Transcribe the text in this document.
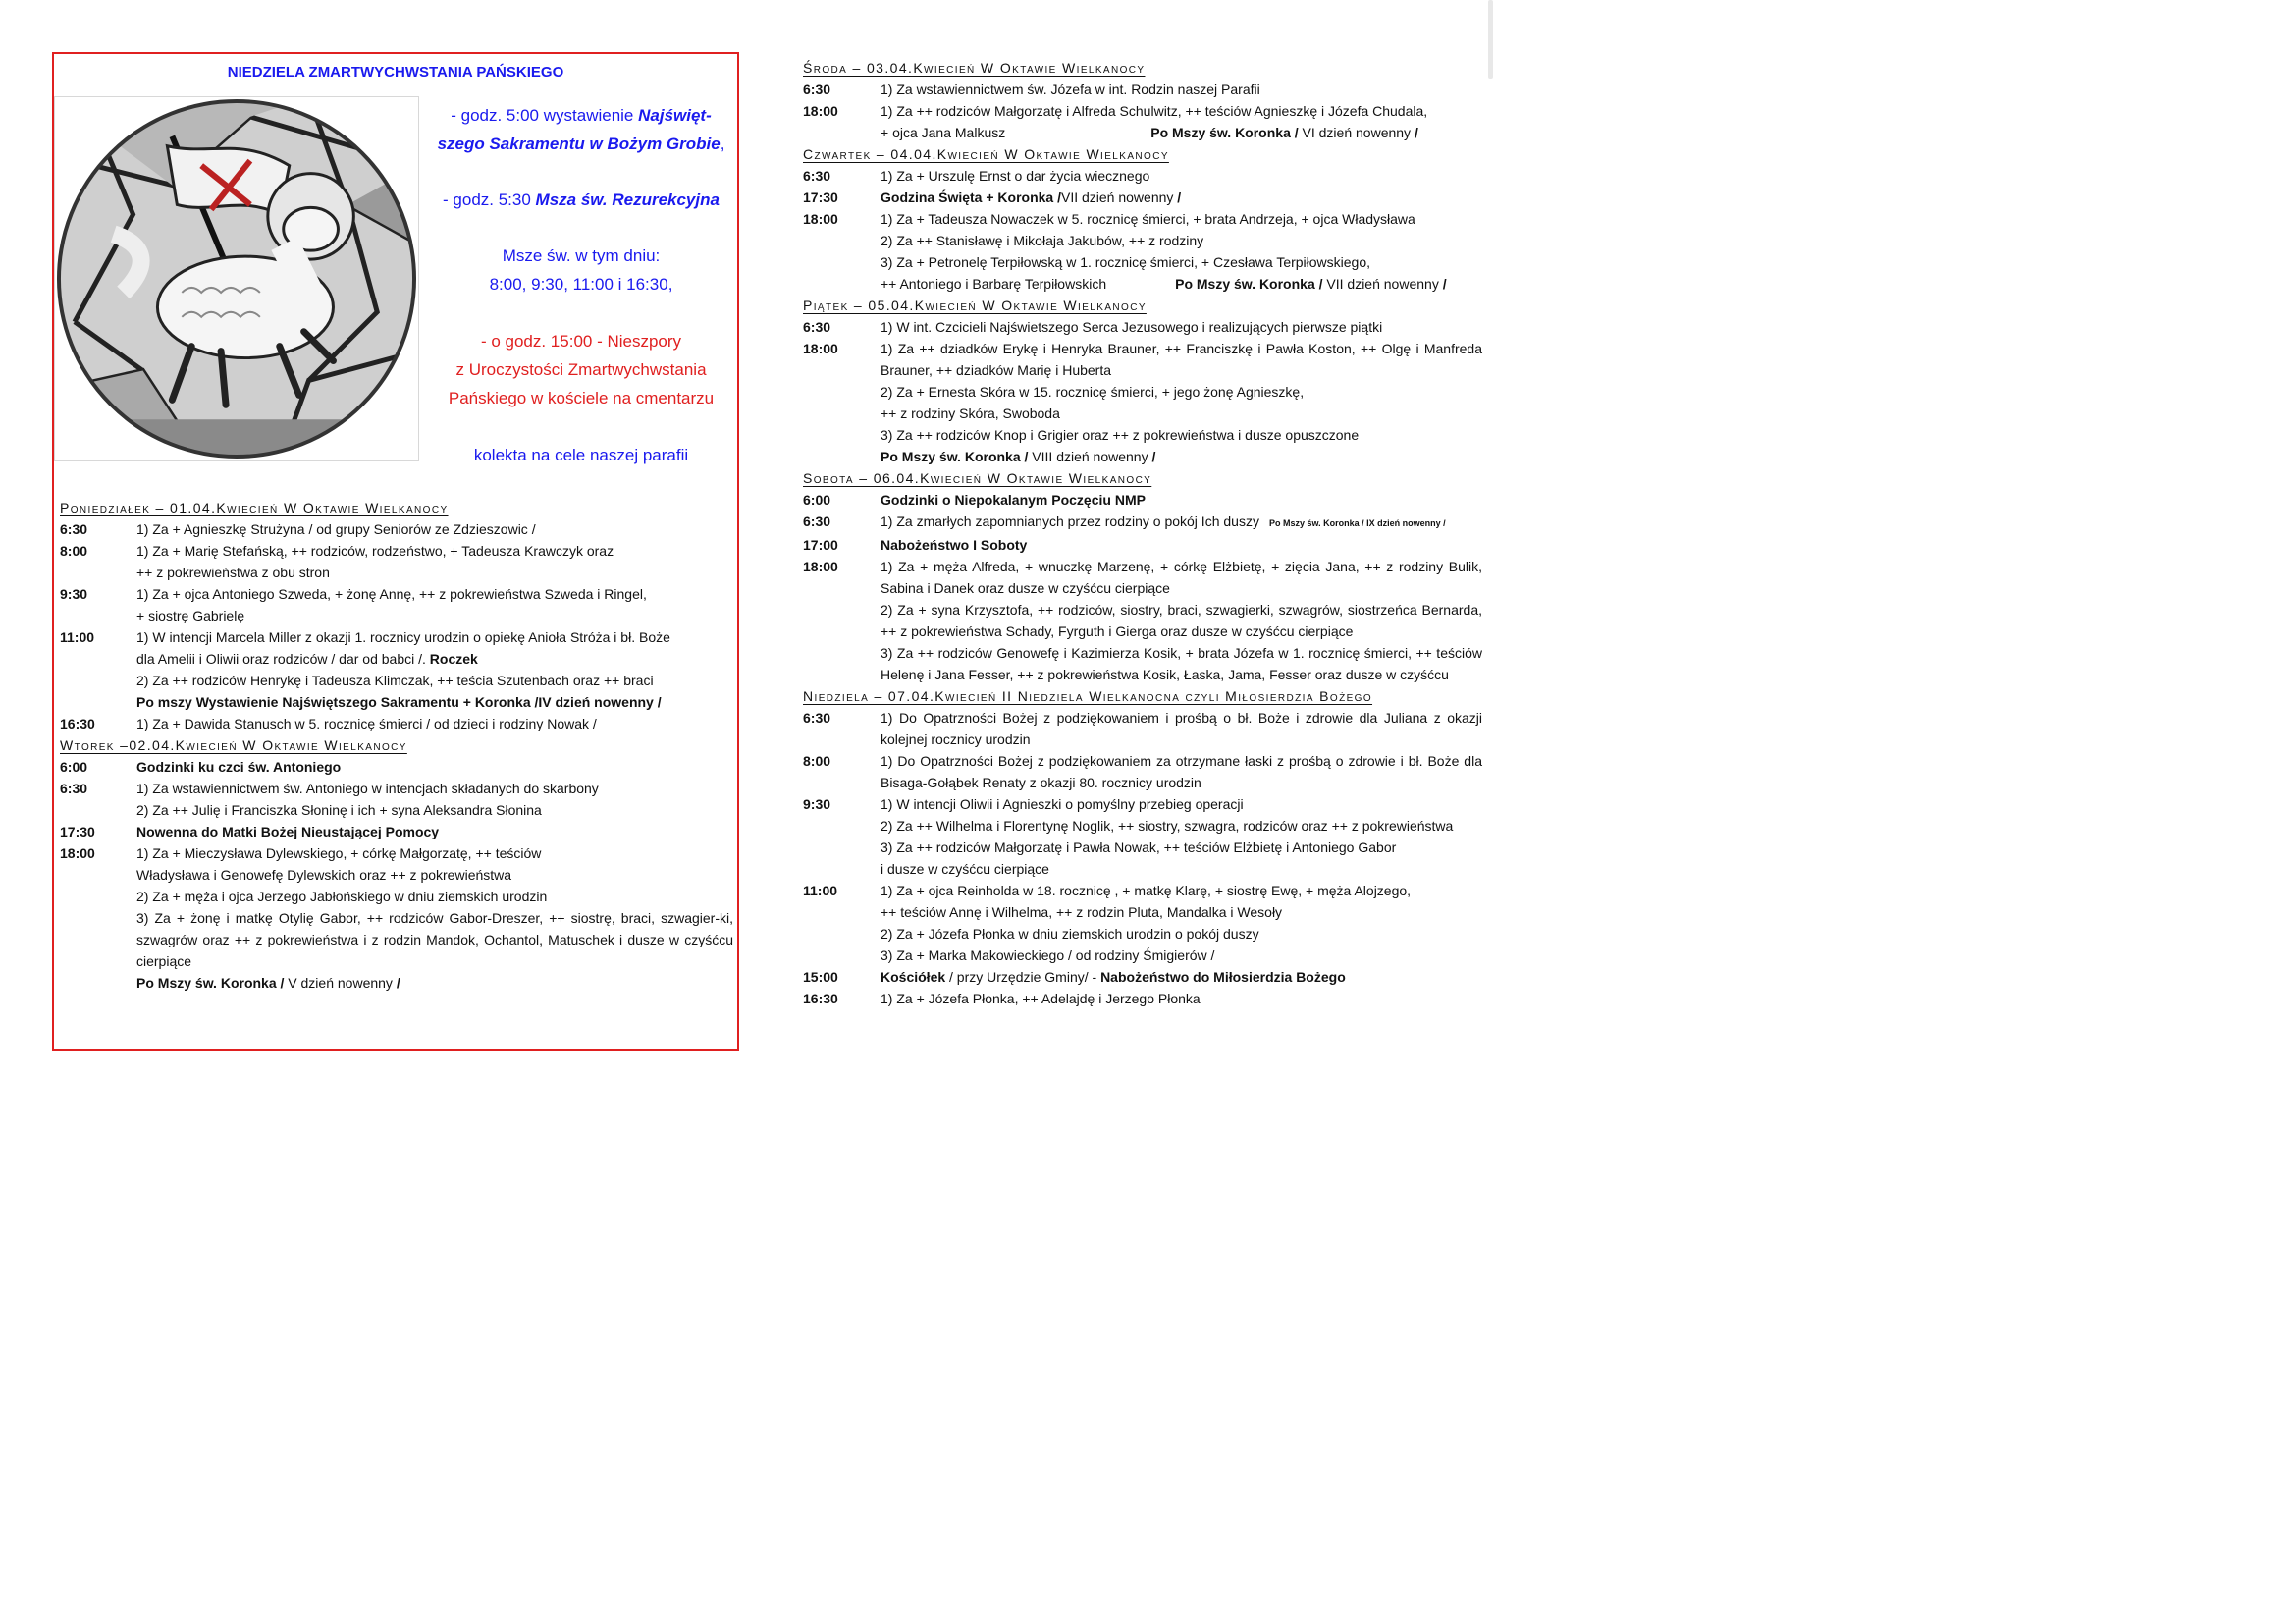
NIEDZIELA ZMARTWYCHWSTANIA PAŃSKIEGO

- godz. 5:00 wystawienie Najświęt-

szego Sakramentu w Bożym Grobie,

- godz. 5:30 Msza św. Rezurekcyjna

Msze św. w tym dniu:

8:00, 9:30, 11:00 i 16:30,

- o godz. 15:00 - Nieszpory

z Uroczystości Zmartwychwstania

Pańskiego w kościele na cmentarzu

kolekta na cele naszej parafii

Poniedziałek – 01.04.Kwiecień W Oktawie Wielkanocy
6:30	1) Za + Agnieszkę Strużyna / od grupy Seniorów ze Zdzieszowic /

8:00	1) Za + Marię Stefańską, ++ rodziców, rodzeństwo, + Tadeusza Krawczyk oraz

++ z pokrewieństwa z obu stron

9:30	1) Za + ojca Antoniego Szweda, + żonę Annę, ++ z pokrewieństwa Szweda i Ringel,

+ siostrę Gabrielę

11:00	1) W intencji Marcela Miller z okazji 1. rocznicy urodzin o opiekę Anioła Stróża i bł. Boże

dla Amelii i Oliwii oraz rodziców / dar od babci /. Roczek

2) Za ++ rodziców Henrykę i Tadeusza Klimczak, ++ teścia Szutenbach oraz ++ braci

Po mszy Wystawienie Najświętszego Sakramentu + Koronka /IV dzień nowenny /

16:30	1) Za + Dawida Stanusch w 5. rocznicę śmierci / od dzieci i rodziny Nowak /

Wtorek –02.04.Kwiecień W Oktawie Wielkanocy
6:00	Godzinki ku czci św. Antoniego

6:30	1) Za wstawiennictwem św. Antoniego w intencjach składanych do skarbony

2) Za ++ Julię i Franciszka Słoninę i ich + syna Aleksandra Słonina

17:30	Nowenna do Matki Bożej Nieustającej Pomocy

18:00	1) Za + Mieczysława Dylewskiego, + córkę Małgorzatę, ++ teściów

Władysława i Genowefę Dylewskich oraz ++ z pokrewieństwa

2) Za + męża i ojca Jerzego Jabłońskiego w dniu ziemskich urodzin

3) Za + żonę i matkę Otylię Gabor, ++ rodziców Gabor-Dreszer, ++ siostrę, braci, szwagier-ki, szwagrów oraz ++ z pokrewieństwa i z rodzin Mandok, Ochantol, Matuschek i dusze w czyśćcu cierpiące

Po Mszy św. Koronka / V dzień nowenny /

Środa – 03.04.Kwiecień W Oktawie Wielkanocy
6:30	1) Za wstawiennictwem św. Józefa w int. Rodzin naszej Parafii

18:00	1) Za ++ rodziców Małgorzatę i Alfreda Schulwitz, ++ teściów Agnieszkę i Józefa Chudala,

+ ojca Jana Malkusz	Po Mszy św. Koronka / VI dzień nowenny /

Czwartek – 04.04.Kwiecień W Oktawie Wielkanocy
6:30	1) Za + Urszulę Ernst o dar życia wiecznego

17:30	Godzina Święta + Koronka /VII dzień nowenny /

18:00	1) Za + Tadeusza Nowaczek w 5. rocznicę śmierci, + brata Andrzeja, + ojca Władysława

2) Za ++ Stanisławę i Mikołaja Jakubów, ++ z rodziny

3) Za + Petronelę Terpiłowską w 1. rocznicę śmierci, + Czesława Terpiłowskiego,

++ Antoniego i Barbarę Terpiłowskich	Po Mszy św. Koronka / VII dzień nowenny /

Piątek – 05.04.Kwiecień W Oktawie Wielkanocy
6:30	1) W int. Czcicieli Najświetszego Serca Jezusowego i realizujących pierwsze piątki

18:00	1) Za ++ dziadków Erykę i Henryka Brauner, ++ Franciszkę i Pawła Koston, ++ Olgę i Manfreda Brauner, ++ dziadków Marię i Huberta

2) Za + Ernesta Skóra w 15. rocznicę śmierci, + jego żonę Agnieszkę,

++ z rodziny Skóra, Swoboda

3) Za ++ rodziców Knop i Grigier oraz ++ z pokrewieństwa i dusze opuszczone

Po Mszy św. Koronka / VIII dzień nowenny /

Sobota – 06.04.Kwiecień W Oktawie Wielkanocy
6:00	Godzinki o Niepokalanym Poczęciu NMP

6:30	1) Za zmarłych zapomnianych przez rodziny o pokój Ich duszy Po Mszy św. Koronka / IX dzień nowenny /

17:00	Nabożeństwo I Soboty

18:00	1) Za + męża Alfreda, + wnuczkę Marzenę, + córkę Elżbietę, + zięcia Jana, ++ z rodziny Bulik, Sabina i Danek oraz dusze w czyśćcu cierpiące

2) Za + syna Krzysztofa, ++ rodziców, siostry, braci, szwagierki, szwagrów, siostrzeńca Bernarda, ++ z pokrewieństwa Schady, Fyrguth i Gierga oraz dusze w czyśćcu cierpiące

3) Za ++ rodziców Genowefę i Kazimierza Kosik, + brata Józefa w 1. rocznicę śmierci, ++ teściów Helenę i Jana Fesser, ++ z pokrewieństwa Kosik, Łaska, Jama, Fesser oraz dusze w czyśćcu

Niedziela – 07.04.Kwiecień II Niedziela Wielkanocna czyli Miłosierdzia Bożego
6:30	1) Do Opatrzności Bożej z podziękowaniem i prośbą o bł. Boże i zdrowie dla Juliana z okazji kolejnej rocznicy urodzin

8:00	1) Do Opatrzności Bożej z podziękowaniem za otrzymane łaski z prośbą o zdrowie i bł. Boże dla Bisaga-Gołąbek Renaty z okazji 80. rocznicy urodzin

9:30	1) W intencji Oliwii i Agnieszki o pomyślny przebieg operacji

2) Za ++ Wilhelma i Florentynę Noglik, ++ siostry, szwagra, rodziców oraz ++ z pokrewieństwa

3) Za ++ rodziców Małgorzatę i Pawła Nowak, ++ teściów Elżbietę i Antoniego Gabor

i dusze w czyśćcu cierpiące

11:00	1) Za + ojca Reinholda w 18. rocznicę , + matkę Klarę, + siostrę Ewę, + męża Alojzego,

++ teściów Annę i Wilhelma, ++ z rodzin Pluta, Mandalka i Wesoły

2) Za + Józefa Płonka w dniu ziemskich urodzin o pokój duszy

3) Za + Marka Makowieckiego / od rodziny Śmigierów /

15:00	Kościółek / przy Urzędzie Gminy/ - Nabożeństwo do Miłosierdzia Bożego

16:30	1) Za + Józefa Płonka, ++ Adelajdę i Jerzego Płonka
